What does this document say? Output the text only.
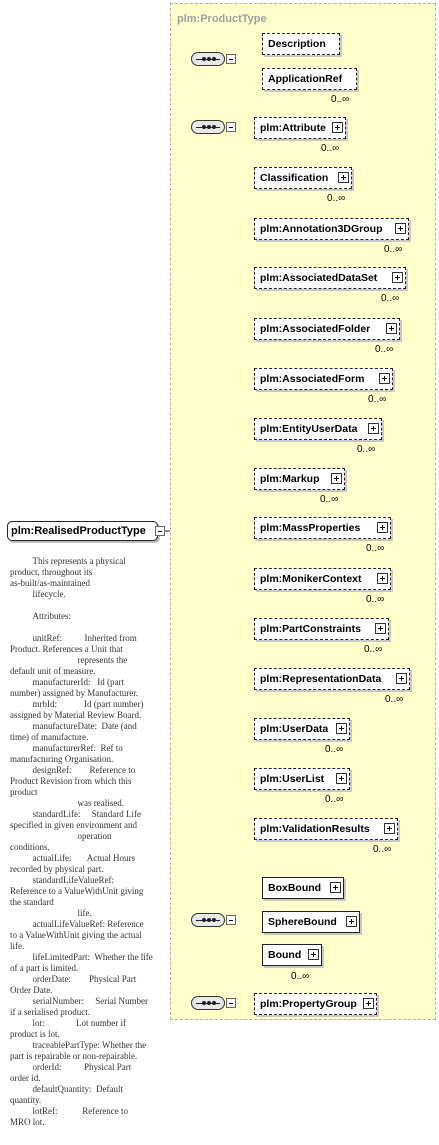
plm:ProductType
plm:RealisedProductType
Description
ApplicationRef
0..∞
plm:Attribute
0..∞
Classification
0..∞
plm:Annotation3DGroup
0..∞
plm:AssociatedDataSet
0..∞
plm:AssociatedFolder
0..∞
plm:AssociatedForm
0..∞
plm:EntityUserData
0..∞
plm:Markup
0..∞
plm:MassProperties
0..∞
plm:MonikerContext
0..∞
plm:PartConstraints
0..∞
plm:RepresentationData
0..∞
plm:UserData
0..∞
plm:UserList
0..∞
plm:ValidationResults
0..∞
BoxBound
SphereBound
Bound
0..∞
plm:PropertyGroup
This represents a physical
product, throughout its
as-built/as-maintained
lifecycle.

Attributes:

unitRef:          Inherited from
Product. References a Unit that
represents the
default unit of measure.
manufacturerId:   Id (part
number) assigned by Manufacturer.
mrbId:            Id (part number)
assigned by Material Review Board.
manufactureDate:  Date (and
time) of manufacture.
manufacturerRef:  Ref to
manufacturing Organisation.
designRef:        Reference to
Product Revision from which this
product
was realised.
standardLife:     Standard Life
specified in given environment and
operation
conditions.
actualLife:       Actual Hours
recorded by physical part.
standardLifeValueRef:
Reference to a ValueWithUnit giving
the standard
life.
actualLifeValueRef: Reference
to a ValueWithUnit giving the actual
life.
lifeLimitedPart:  Whether the life
of a part is limited.
orderDate:        Physical Part
Order Date.
serialNumber:     Serial Number
if a serialised product.
lot:              Lot number if
product is lot.
traceablePartType: Whether the
part is repairable or non-repairable.
orderId:          Physical Part
order id.
defaultQuantity:  Default
quantity.
lotRef:           Reference to
MRO lot.
